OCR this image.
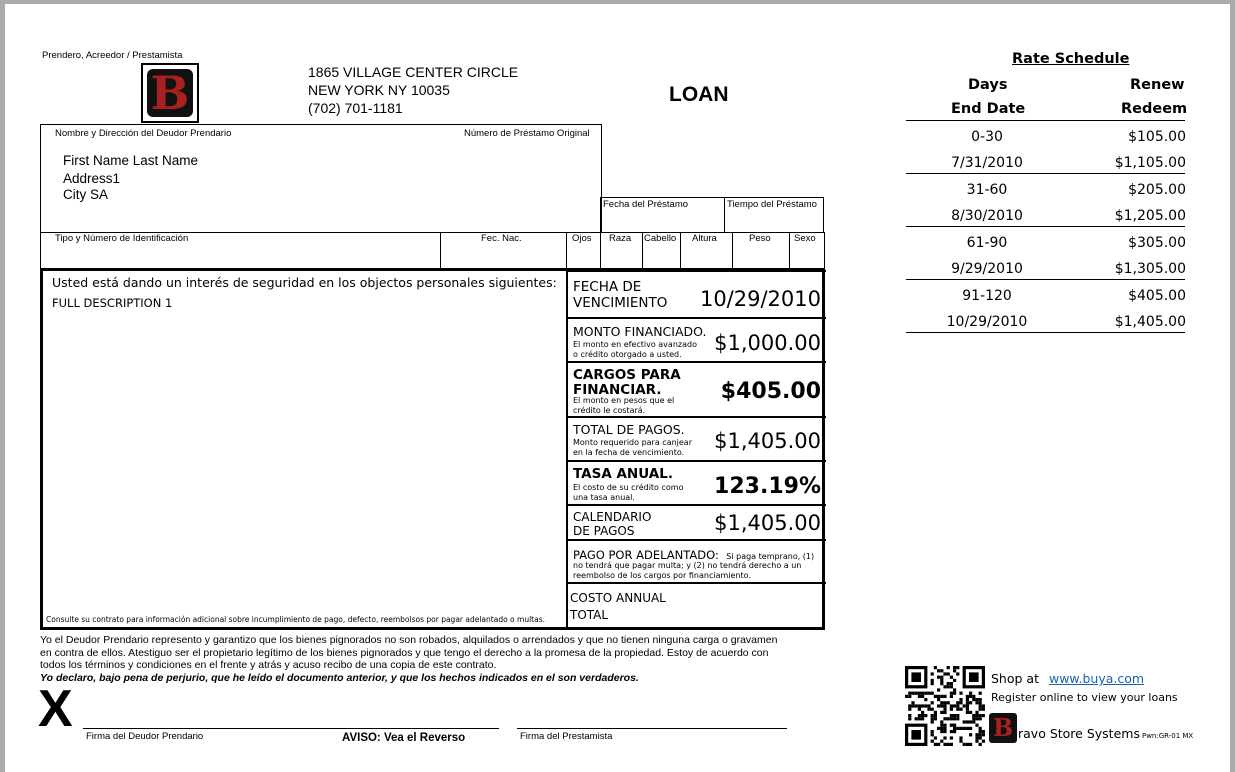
Prendero, Acreedor / Prestamista
B	1865 VILLAGE CENTER CIRCLE
NEW YORK NY 10035
(702) 701-1181
LOAN
Rate Schedule
Days	Renew
End Date	Redeem
0-30	$105.00
7/31/2010	$1,105.00
31-60	$205.00
8/30/2010	$1,205.00
61-90	$305.00
9/29/2010	$1,305.00
91-120	$405.00
10/29/2010	$1,405.00
Nombre y Dirección del Deudor Prendario	Número de Préstamo Original
First Name Last Name
Address1
City SA
Fecha del Préstamo	Tiempo del Préstamo
Tipo y Número de Identificación	Fec. Nac.	Ojos Raza Cabello Altura	Peso Sexo
Usted está dando un interés de seguridad en los objectos personales siguientes:
FULL DESCRIPTION 1
Consulte su contrato para información adicional sobre incumplimiento de pago, defecto, reembolsos por pagar adelantado o multas.
FECHA DE
VENCIMIENTO 10/29/2010
MONTO FINANCIADO.
El monto en efectivo avanzado
o crédito otorgado a usted.	$1,000.00
CARGOS PARA
FINANCIAR.
El monto en pesos que el
crédito le costará.
$405.00
TOTAL DE PAGOS.
Monto requerido para canjear
en la fecha de vencimiento.	$1,405.00
TASA ANUAL.
El costo de su crédito como
una tasa anual.	123.19%
CALENDARIO
DE PAGOS	$1,405.00
PAGO POR ADELANTADO: Si paga temprano, (1)
no tendrá que pagar multa; y (2) no tendrá derecho a un
reembolso de los cargos por financiamiento.
COSTO ANNUAL
TOTAL
Yo el Deudor Prendario represento y garantizo que los bienes pignorados no son robados, alquilados o arrendados y que no tienen ninguna carga o gravamen
en contra de ellos. Atestiguo ser el propietario legítimo de los bienes pignorados y que tengo el derecho a la promesa de la propiedad. Estoy de acuerdo con
todos los términos y condiciones en el frente y atrás y acuso recibo de una copia de este contrato.
Yo declaro, bajo pena de perjurio, que he leído el documento anterior, y que los hechos indicados en el son verdaderos.
X Firma del Deudor Prendario	AVISO: Vea el Reverso	Firma del Prestamista
Shop at www.buya.com
Register online to view your loans
B ravo Store Systems Pwn:GR-01 MX
